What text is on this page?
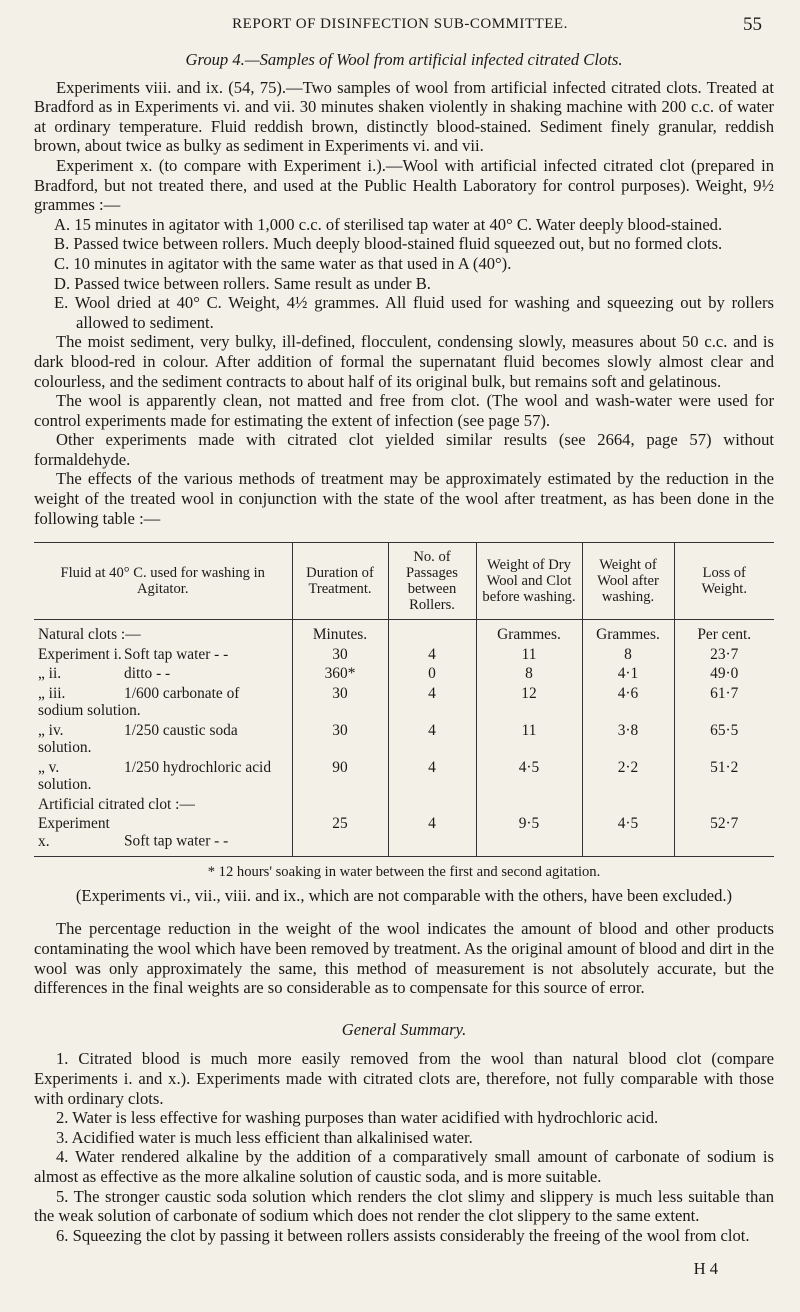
REPORT OF DISINFECTION SUB-COMMITTEE.	55
Group 4.—Samples of Wool from artificial infected citrated Clots.

Experiments viii. and ix. (54, 75).—Two samples of wool from artificial infected citrated clots. Treated at Bradford as in Experiments vi. and vii. 30 minutes shaken violently in shaking machine with 200 c.c. of water at ordinary temperature. Fluid reddish brown, distinctly blood-stained. Sediment finely granular, reddish brown, about twice as bulky as sediment in Experiments vi. and vii.

Experiment x. (to compare with Experiment i.).—Wool with artificial infected citrated clot (prepared in Bradford, but not treated there, and used at the Public Health Laboratory for control purposes). Weight, 9½ grammes :—

A. 15 minutes in agitator with 1,000 c.c. of sterilised tap water at 40° C. Water deeply blood-stained.

B. Passed twice between rollers. Much deeply blood-stained fluid squeezed out, but no formed clots.

C. 10 minutes in agitator with the same water as that used in A (40°).

D. Passed twice between rollers. Same result as under B.

E. Wool dried at 40° C. Weight, 4½ grammes. All fluid used for washing and squeezing out by rollers allowed to sediment.

The moist sediment, very bulky, ill-defined, flocculent, condensing slowly, measures about 50 c.c. and is dark blood-red in colour. After addition of formal the supernatant fluid becomes slowly almost clear and colourless, and the sediment contracts to about half of its original bulk, but remains soft and gelatinous.

The wool is apparently clean, not matted and free from clot. (The wool and wash-water were used for control experiments made for estimating the extent of infection (see page 57).

Other experiments made with citrated clot yielded similar results (see 2664, page 57) without formaldehyde.

The effects of the various methods of treatment may be approximately estimated by the reduction in the weight of the treated wool in conjunction with the state of the wool after treatment, as has been done in the following table :—

Fluid at 40° C. used for washing in Agitator.	Duration of Treatment.	No. of Passages between Rollers.	Weight of Dry Wool and Clot before washing.	Weight of Wool after washing.	Loss of Weight.
Natural clots :—	Minutes.		Grammes.	Grammes.	Per cent.
Experiment i. Soft tap water - -	30	4	11	8	23·7
„ ii. ditto - -	360*	0	8	4·1	49·0
„ iii. 1/600 carbonate of sodium solution.	30	4	12	4·6	61·7
„ iv. 1/250 caustic soda solution.	30	4	11	3·8	65·5
„ v. 1/250 hydrochloric acid solution.	90	4	4·5	2·2	51·2
Artificial citrated clot :—					
Experiment x. Soft tap water - -	25	4	9·5	4·5	52·7
* 12 hours' soaking in water between the first and second agitation.
(Experiments vi., vii., viii. and ix., which are not comparable with the others, have been excluded.)

The percentage reduction in the weight of the wool indicates the amount of blood and other products contaminating the wool which have been removed by treatment. As the original amount of blood and dirt in the wool was only approximately the same, this method of measurement is not absolutely accurate, but the differences in the final weights are so considerable as to compensate for this source of error.

General Summary.

1. Citrated blood is much more easily removed from the wool than natural blood clot (compare Experiments i. and x.). Experiments made with citrated clots are, therefore, not fully comparable with those with ordinary clots.

2. Water is less effective for washing purposes than water acidified with hydrochloric acid.

3. Acidified water is much less efficient than alkalinised water.

4. Water rendered alkaline by the addition of a comparatively small amount of carbonate of sodium is almost as effective as the more alkaline solution of caustic soda, and is more suitable.

5. The stronger caustic soda solution which renders the clot slimy and slippery is much less suitable than the weak solution of carbonate of sodium which does not render the clot slippery to the same extent.

6. Squeezing the clot by passing it between rollers assists considerably the freeing of the wool from clot.

H 4
